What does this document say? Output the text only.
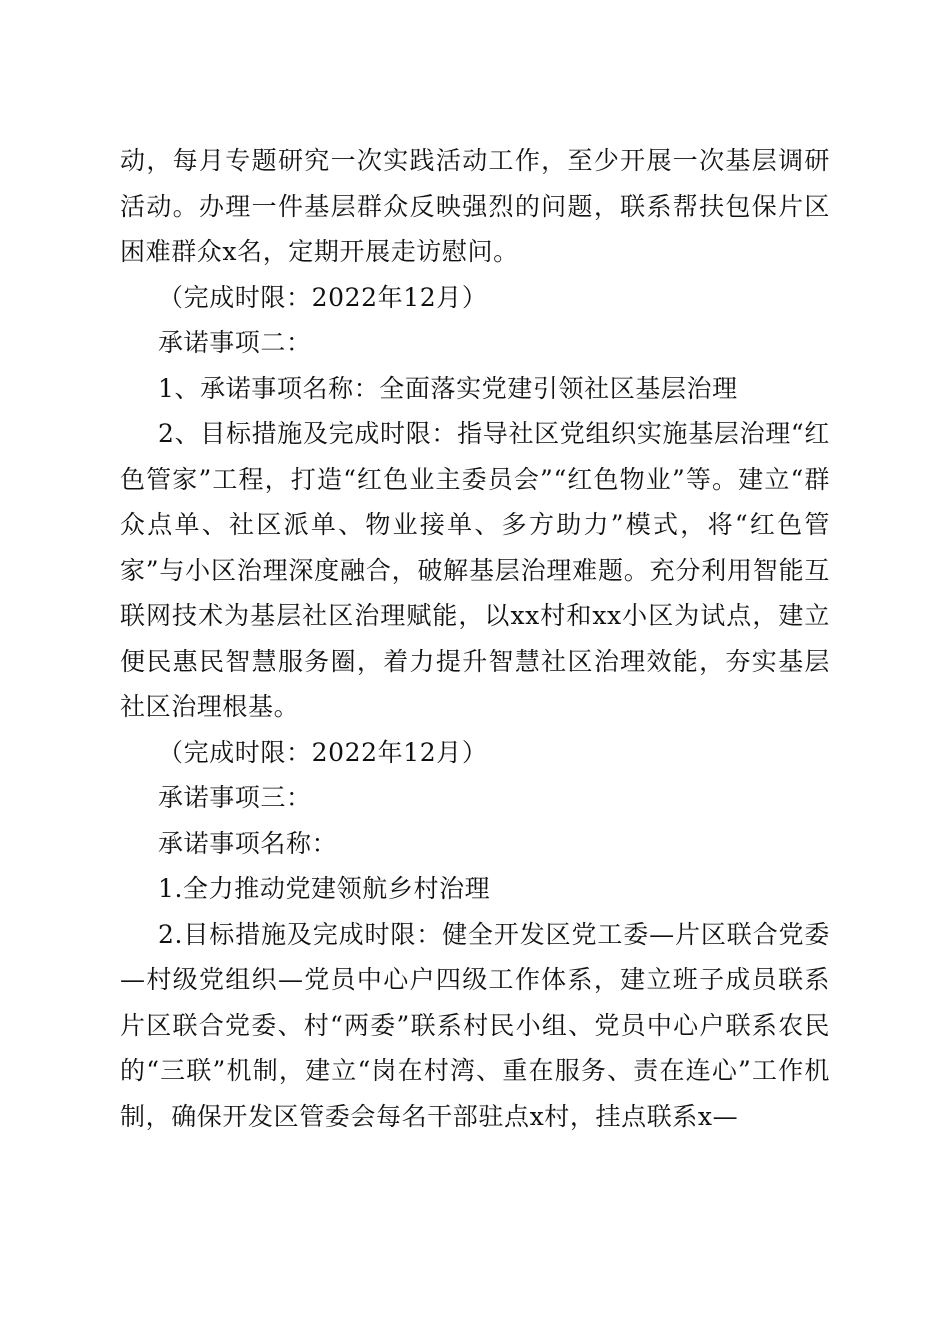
动，每月专题研究一次实践活动工作，至少开展一次基层调研活动。办理一件基层群众反映强烈的问题，联系帮扶包保片区困难群众x名，定期开展走访慰问。

（完成时限：2022年12月）

承诺事项二：

1、承诺事项名称：全面落实党建引领社区基层治理

2、目标措施及完成时限：指导社区党组织实施基层治理“红色管家”工程，打造“红色业主委员会”“红色物业”等。建立“群众点单、社区派单、物业接单、多方助力”模式，将“红色管家”与小区治理深度融合，破解基层治理难题。充分利用智能互联网技术为基层社区治理赋能，以xx村和xx小区为试点，建立便民惠民智慧服务圈，着力提升智慧社区治理效能，夯实基层社区治理根基。

（完成时限：2022年12月）

承诺事项三：

承诺事项名称：

1.全力推动党建领航乡村治理

2.目标措施及完成时限：健全开发区党工委—片区联合党委—村级党组织—党员中心户四级工作体系，建立班子成员联系片区联合党委、村“两委”联系村民小组、党员中心户联系农民的“三联”机制，建立“岗在村湾、重在服务、责在连心”工作机制，确保开发区管委会每名干部驻点x村，挂点联系x—
